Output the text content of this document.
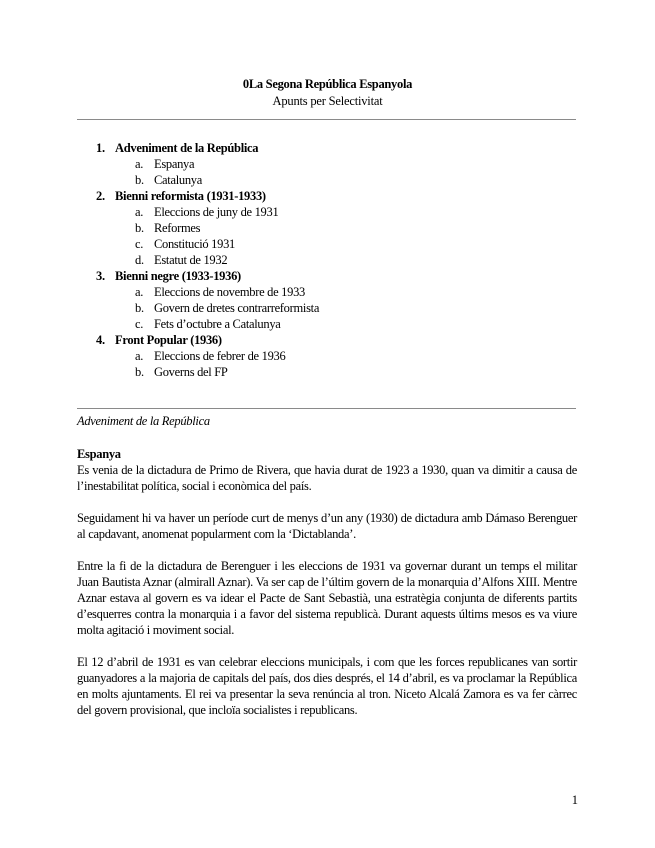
0La Segona República Espanyola
Apunts per Selectivitat
1. Adveniment de la República
a. Espanya
b. Catalunya
2. Bienni reformista (1931-1933)
a. Eleccions de juny de 1931
b. Reformes
c. Constitució 1931
d. Estatut de 1932
3. Bienni negre (1933-1936)
a. Eleccions de novembre de 1933
b. Govern de dretes contrarreformista
c. Fets d’octubre a Catalunya
4. Front Popular (1936)
a. Eleccions de febrer de 1936
b. Governs del FP
Adveniment de la República
Espanya
Es venia de la dictadura de Primo de Rivera, que havia durat de 1923 a 1930, quan va dimitir a causa de
l’inestabilitat política, social i econòmica del país.
Seguidament hi va haver un període curt de menys d’un any (1930) de dictadura amb Dámaso Berenguer
al capdavant, anomenat popularment com la ‘Dictablanda’.
Entre la fi de la dictadura de Berenguer i les eleccions de 1931 va governar durant un temps el militar
Juan Bautista Aznar (almirall Aznar). Va ser cap de l’últim govern de la monarquia d’Alfons XIII. Mentre
Aznar estava al govern es va idear el Pacte de Sant Sebastià, una estratègia conjunta de diferents partits
d’esquerres contra la monarquia i a favor del sistema republicà. Durant aquests últims mesos es va viure
molta agitació i moviment social.
El 12 d’abril de 1931 es van celebrar eleccions municipals, i com que les forces republicanes van sortir
guanyadores a la majoria de capitals del país, dos dies després, el 14 d’abril, es va proclamar la República
en molts ajuntaments. El rei va presentar la seva renúncia al tron. Niceto Alcalá Zamora es va fer càrrec
del govern provisional, que incloïa socialistes i republicans.
1
